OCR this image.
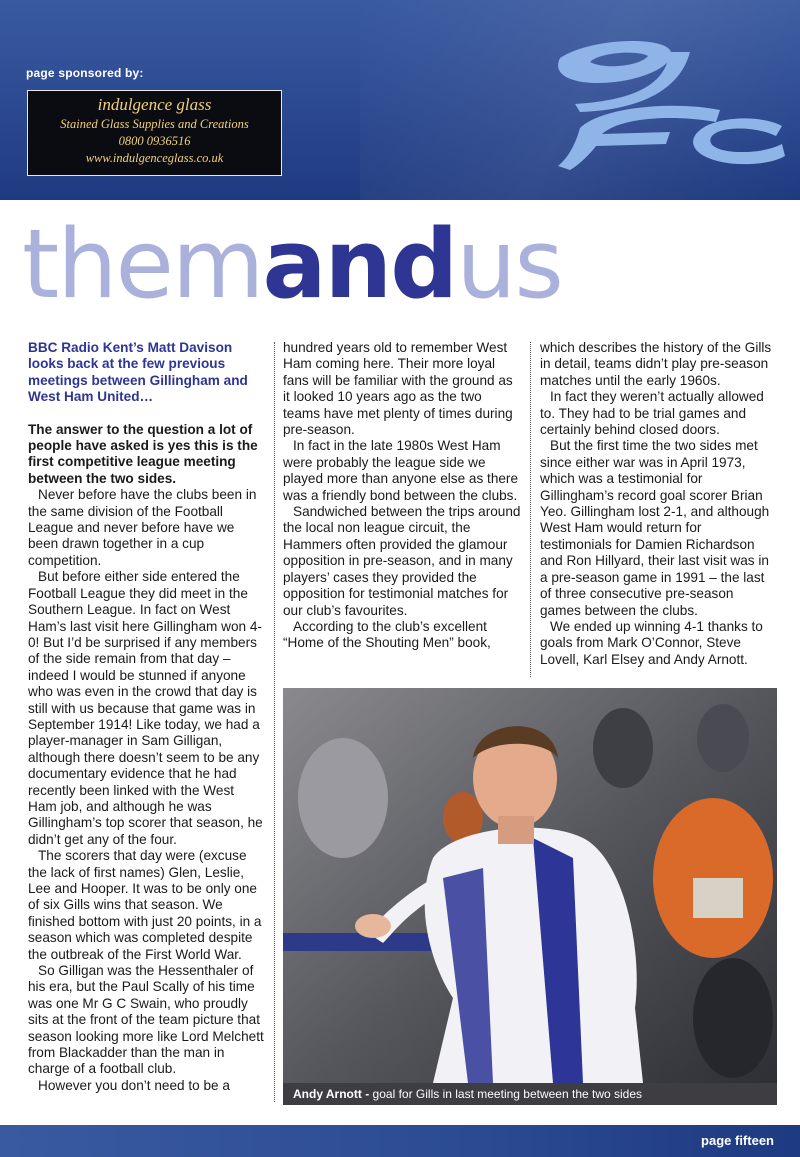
page sponsored by:
indulgence glass
Stained Glass Supplies and Creations
0800 0936516
www.indulgenceglass.co.uk
themandus

BBC Radio Kent’s Matt Davison looks back at the few previous meetings between Gillingham and West Ham United…

The answer to the question a lot of people have asked is yes this is the first competitive league meeting between the two sides.

Never before have the clubs been in the same division of the Football League and never before have we been drawn together in a cup competition.

But before either side entered the Football League they did meet in the Southern League. In fact on West Ham’s last visit here Gillingham won 4-0! But I’d be surprised if any members of the side remain from that day – indeed I would be stunned if anyone who was even in the crowd that day is still with us because that game was in September 1914! Like today, we had a player-manager in Sam Gilligan, although there doesn’t seem to be any documentary evidence that he had recently been linked with the West Ham job, and although he was Gillingham’s top scorer that season, he didn’t get any of the four.

The scorers that day were (excuse the lack of first names) Glen, Leslie, Lee and Hooper. It was to be only one of six Gills wins that season. We finished bottom with just 20 points, in a season which was completed despite the outbreak of the First World War.

So Gilligan was the Hessenthaler of his era, but the Paul Scally of his time was one Mr G C Swain, who proudly sits at the front of the team picture that season looking more like Lord Melchett from Blackadder than the man in charge of a football club.

However you don’t need to be a

hundred years old to remember West Ham coming here. Their more loyal fans will be familiar with the ground as it looked 10 years ago as the two teams have met plenty of times during pre-season.

In fact in the late 1980s West Ham were probably the league side we played more than anyone else as there was a friendly bond between the clubs.

Sandwiched between the trips around the local non league circuit, the Hammers often provided the glamour opposition in pre-season, and in many players’ cases they provided the opposition for testimonial matches for our club’s favourites.

According to the club’s excellent “Home of the Shouting Men” book,

which describes the history of the Gills in detail, teams didn’t play pre-season matches until the early 1960s.

In fact they weren’t actually allowed to. They had to be trial games and certainly behind closed doors.

But the first time the two sides met since either war was in April 1973, which was a testimonial for Gillingham’s record goal scorer Brian Yeo. Gillingham lost 2-1, and although West Ham would return for testimonials for Damien Richardson and Ron Hillyard, their last visit was in a pre-season game in 1991 – the last of three consecutive pre-season games between the clubs.

We ended up winning 4-1 thanks to goals from Mark O’Connor, Steve Lovell, Karl Elsey and Andy Arnott.

Andy Arnott - goal for Gills in last meeting between the two sides
page fifteen
